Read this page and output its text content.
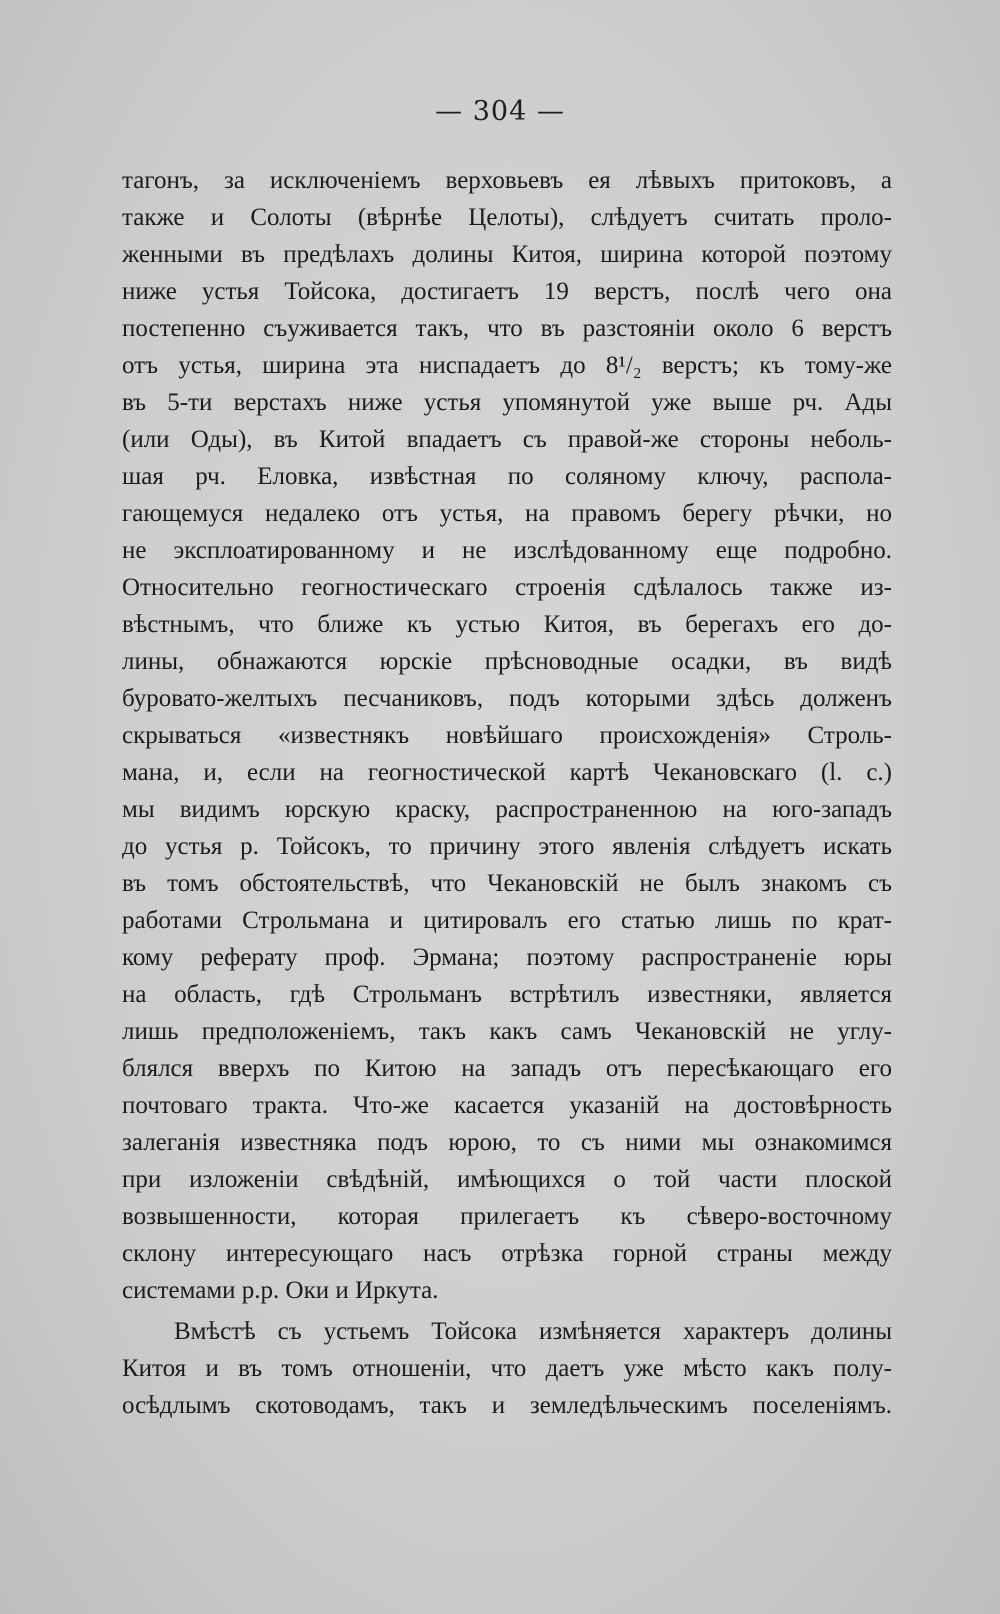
— 304 —
тагонъ, за исключеніемъ верховьевъ ея лѣвыхъ притоковъ, а
также и Солоты (вѣрнѣе Целоты), слѣдуетъ считать проло-
женными въ предѣлахъ долины Китоя, ширина которой поэтому
ниже устья Тойсока, достигаетъ 19 верстъ, послѣ чего она
постепенно съуживается такъ, что въ разстояніи около 6 верстъ
отъ устья, ширина эта ниспадаетъ до 8¹/₂ верстъ; къ тому-же
въ 5-ти верстахъ ниже устья упомянутой уже выше рч. Ады
(или Оды), въ Китой впадаетъ съ правой-же стороны неболь-
шая рч. Еловка, извѣстная по соляному ключу, распола-
гающемуся недалеко отъ устья, на правомъ берегу рѣчки, но
не эксплоатированному и не изслѣдованному еще подробно.
Относительно геогностическаго строенія сдѣлалось также из-
вѣстнымъ, что ближе къ устью Китоя, въ берегахъ его до-
лины, обнажаются юрскіе прѣсноводные осадки, въ видѣ
буровато-желтыхъ песчаниковъ, подъ которыми здѣсь долженъ
скрываться «известнякъ новѣйшаго происхожденія» Строль-
мана, и, если на геогностической картѣ Чекановскаго (l. c.)
мы видимъ юрскую краску, распространенною на юго-западъ
до устья р. Тойсокъ, то причину этого явленія слѣдуетъ искать
въ томъ обстоятельствѣ, что Чекановскій не былъ знакомъ съ
работами Строльмана и цитировалъ его статью лишь по крат-
кому реферату проф. Эрмана; поэтому распространеніе юры
на область, гдѣ Строльманъ встрѣтилъ известняки, является
лишь предположеніемъ, такъ какъ самъ Чекановскій не углу-
блялся вверхъ по Китою на западъ отъ пересѣкающаго его
почтоваго тракта. Что-же касается указаній на достовѣрность
залеганія известняка подъ юрою, то съ ними мы ознакомимся
при изложеніи свѣдѣній, имѣющихся о той части плоской
возвышенности, которая прилегаетъ къ сѣверо-восточному
склону интересующаго насъ отрѣзка горной страны между
системами р.р. Оки и Иркута.
Вмѣстѣ съ устьемъ Тойсока измѣняется характеръ долины
Китоя и въ томъ отношеніи, что даетъ уже мѣсто какъ полу-
осѣдлымъ скотоводамъ, такъ и земледѣльческимъ поселеніямъ.
